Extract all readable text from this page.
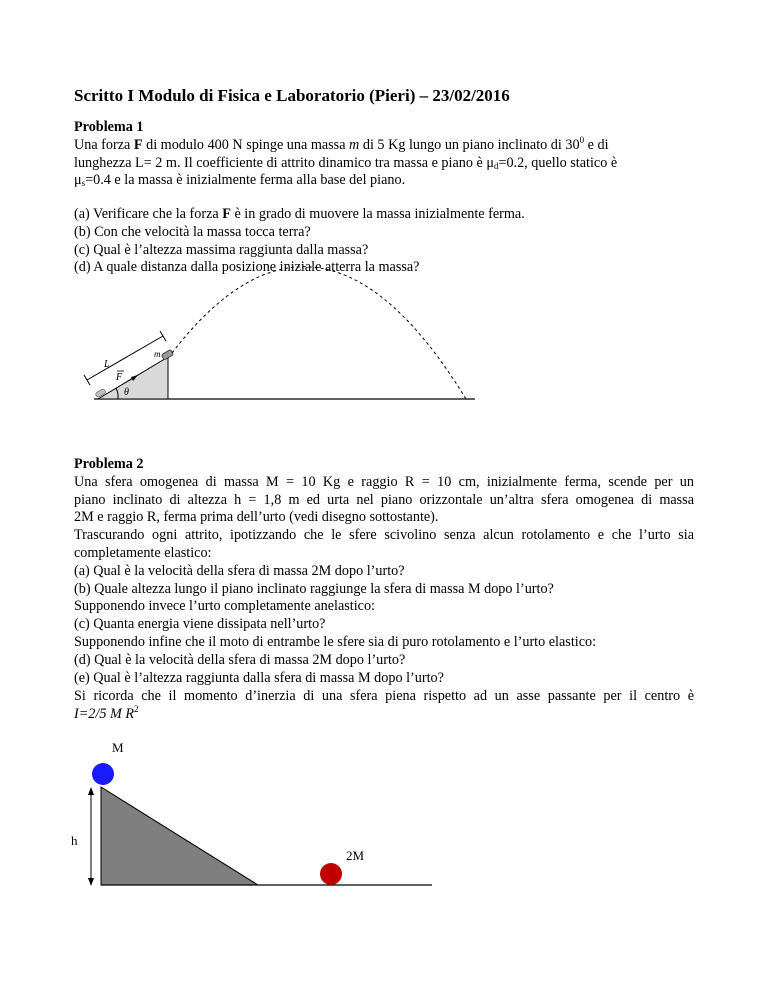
Scritto I Modulo di Fisica e Laboratorio (Pieri) – 23/02/2016
Problema 1
Una forza F di modulo 400 N spinge una massa m di 5 Kg lungo un piano inclinato di $30^0$ e di
lunghezza L= 2 m. Il coefficiente di attrito dinamico tra massa e piano è $\mu_d=0.2$, quello statico è
$\mu_s=0.4$ e la massa è inizialmente ferma alla base del piano.
(a) Verificare che la forza F è in grado di muovere la massa inizialmente ferma.
(b) Con che velocità la massa tocca terra?
(c) Qual è l’altezza massima raggiunta dalla massa?
(d) A quale distanza dalla posizione iniziale atterra la massa?
L
m
F
θ
Problema 2
Una sfera omogenea di massa M = 10 Kg e raggio R = 10 cm, inizialmente ferma, scende per un
piano inclinato di altezza h = 1,8 m ed urta nel piano orizzontale un’altra sfera omogenea di massa
2M e raggio R, ferma prima dell’urto (vedi disegno sottostante).
Trascurando ogni attrito, ipotizzando che le sfere scivolino senza alcun rotolamento e che l’urto sia
completamente elastico:
(a) Qual è la velocità della sfera di massa 2M dopo l’urto?
(b) Quale altezza lungo il piano inclinato raggiunge la sfera di massa M dopo l’urto?
Supponendo invece l’urto completamente anelastico:
(c) Quanta energia viene dissipata nell’urto?
Supponendo infine che il moto di entrambe le sfere sia di puro rotolamento e l’urto elastico:
(d) Qual è la velocità della sfera di massa 2M dopo l’urto?
(e) Qual è l’altezza raggiunta dalla sfera di massa M dopo l’urto?
Si ricorda che il momento d’inerzia di una sfera piena rispetto ad un asse passante per il centro è
I=2/5 M $R^2$
M
h
2M
